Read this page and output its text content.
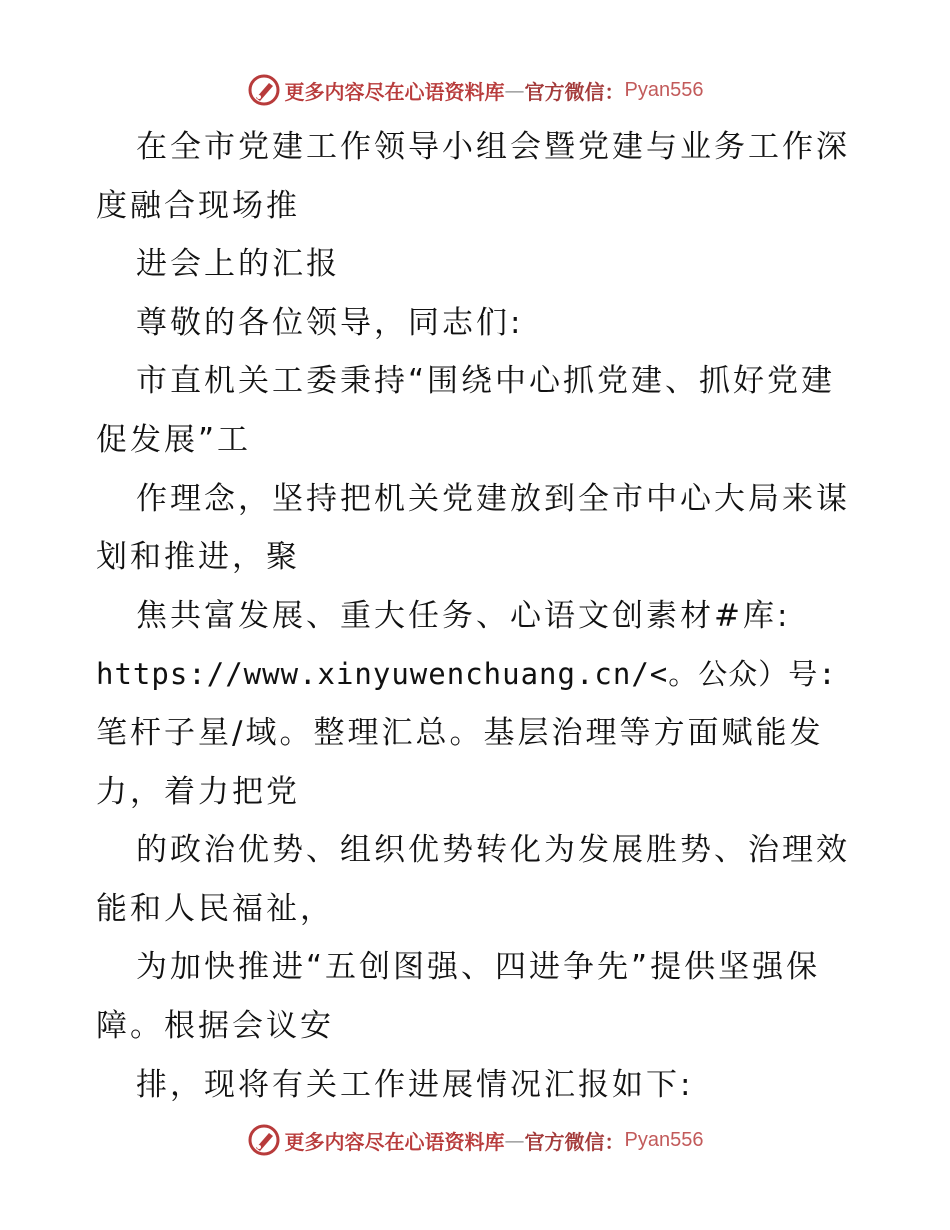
更多内容尽在心语资料库 — 官方微信： Pyan556
在全市党建工作领导小组会暨党建与业务工作深
度融合现场推
进会上的汇报
尊敬的各位领导，同志们:
市直机关工委秉持“围绕中心抓党建、抓好党建
促发展”工
作理念，坚持把机关党建放到全市中心大局来谋
划和推进，聚
焦共富发展、重大任务、心语文创素材#库:
https://www.xinyuwenchuang.cn/<。公众）号:
笔杆子星/域。整理汇总。基层治理等方面赋能发
力，着力把党
的政治优势、组织优势转化为发展胜势、治理效
能和人民福祉，
为加快推进“五创图强、四进争先”提供坚强保
障。根据会议安
排，现将有关工作进展情况汇报如下:
更多内容尽在心语资料库 — 官方微信： Pyan556
